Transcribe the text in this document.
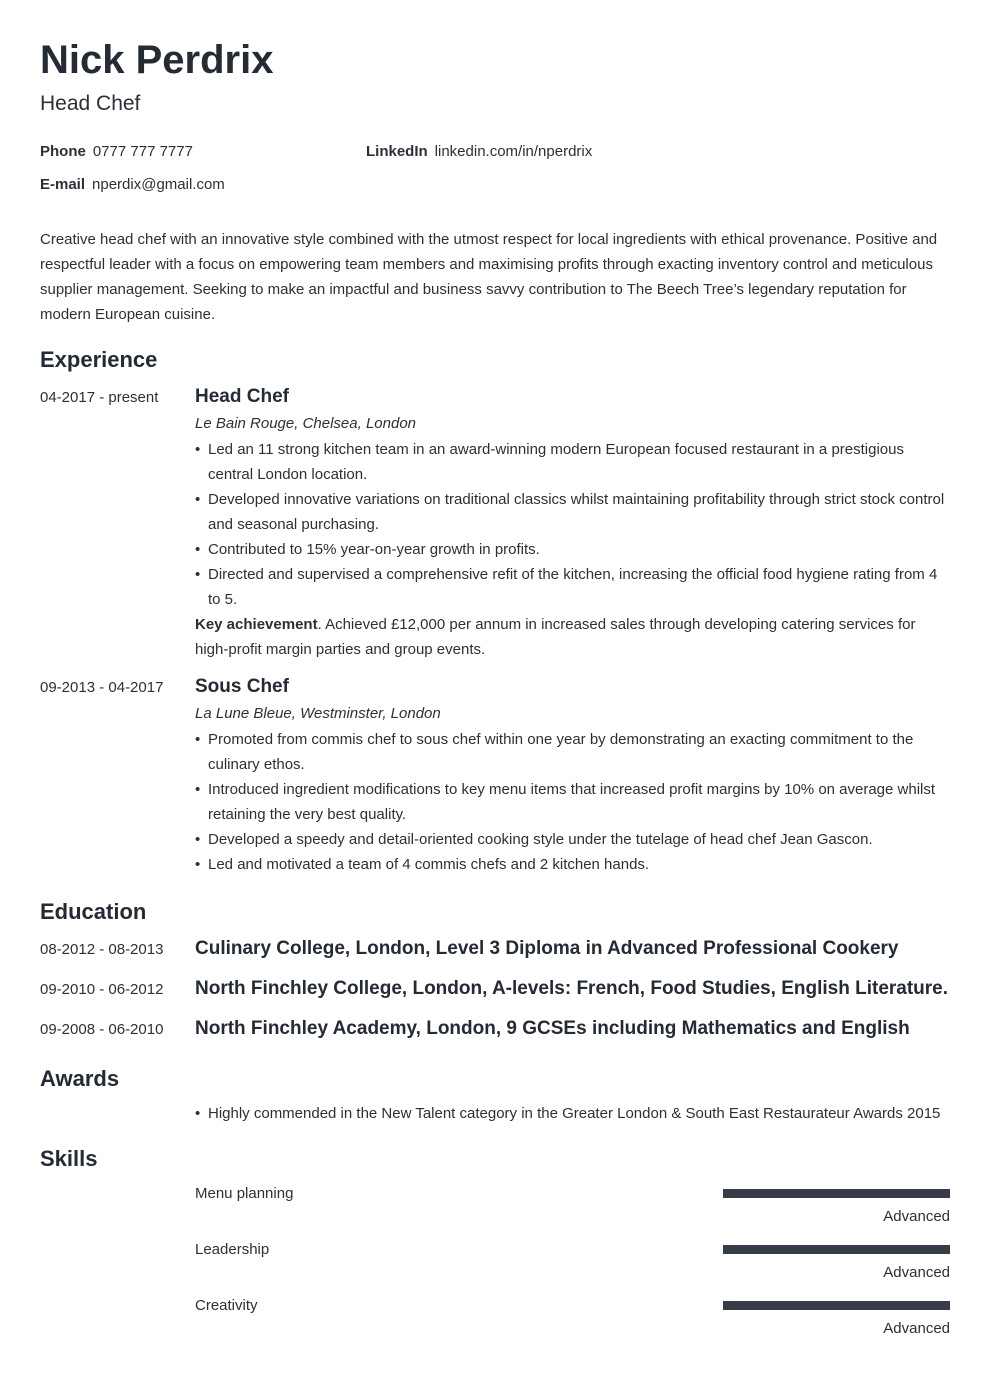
Nick Perdrix
Head Chef
Phone 0777 777 7777	LinkedIn linkedin.com/in/nperdrix
E-mail nperdix@gmail.com
Creative head chef with an innovative style combined with the utmost respect for local ingredients with ethical provenance. Positive and respectful leader with a focus on empowering team members and maximising profits through exacting inventory control and meticulous supplier management. Seeking to make an impactful and business savvy contribution to The Beech Tree’s legendary reputation for modern European cuisine.
Experience
04-2017 - present Head Chef
Le Bain Rouge, Chelsea, London
• Led an 11 strong kitchen team in an award-winning modern European focused restaurant in a prestigious central London location.
• Developed innovative variations on traditional classics whilst maintaining profitability through strict stock control and seasonal purchasing.
• Contributed to 15% year-on-year growth in profits.
• Directed and supervised a comprehensive refit of the kitchen, increasing the official food hygiene rating from 4 to 5.
Key achievement. Achieved £12,000 per annum in increased sales through developing catering services for high-profit margin parties and group events.
09-2013 - 04-2017 Sous Chef
La Lune Bleue, Westminster, London
• Promoted from commis chef to sous chef within one year by demonstrating an exacting commitment to the culinary ethos.
• Introduced ingredient modifications to key menu items that increased profit margins by 10% on average whilst retaining the very best quality.
• Developed a speedy and detail-oriented cooking style under the tutelage of head chef Jean Gascon.
• Led and motivated a team of 4 commis chefs and 2 kitchen hands.
Education
08-2012 - 08-2013 Culinary College, London, Level 3 Diploma in Advanced Professional Cookery
09-2010 - 06-2012 North Finchley College, London, A-levels: French, Food Studies, English Literature.
09-2008 - 06-2010 North Finchley Academy, London, 9 GCSEs including Mathematics and English
Awards
• Highly commended in the New Talent category in the Greater London & South East Restaurateur Awards 2015
Skills
Menu planning
Advanced
Leadership
Advanced
Creativity
Advanced
